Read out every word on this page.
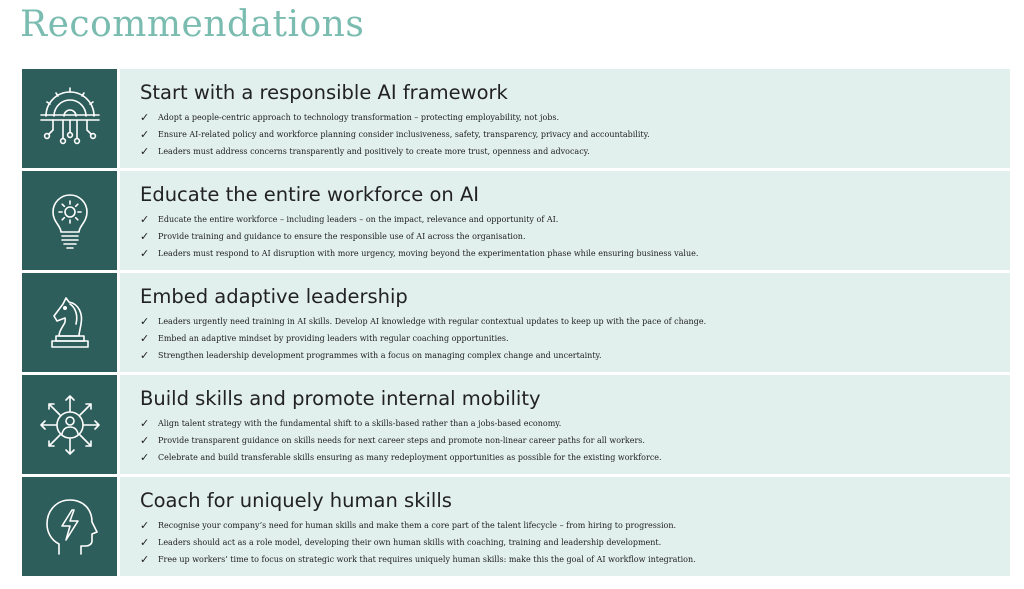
Recommendations
Start with a responsible AI framework
✓	Adopt a people-centric approach to technology transformation – protecting employability, not jobs.
✓	Ensure AI-related policy and workforce planning consider inclusiveness, safety, transparency, privacy and accountability.
✓	Leaders must address concerns transparently and positively to create more trust, openness and advocacy.
Educate the entire workforce on AI
✓	Educate the entire workforce – including leaders – on the impact, relevance and opportunity of AI.
✓	Provide training and guidance to ensure the responsible use of AI across the organisation.
✓	Leaders must respond to AI disruption with more urgency, moving beyond the experimentation phase while ensuring business value.
Embed adaptive leadership
✓	Leaders urgently need training in AI skills. Develop AI knowledge with regular contextual updates to keep up with the pace of change.
✓	Embed an adaptive mindset by providing leaders with regular coaching opportunities.
✓	Strengthen leadership development programmes with a focus on managing complex change and uncertainty.
Build skills and promote internal mobility
✓	Align talent strategy with the fundamental shift to a skills-based rather than a jobs-based economy.
✓	Provide transparent guidance on skills needs for next career steps and promote non-linear career paths for all workers.
✓	Celebrate and build transferable skills ensuring as many redeployment opportunities as possible for the existing workforce.
Coach for uniquely human skills
✓	Recognise your company’s need for human skills and make them a core part of the talent lifecycle – from hiring to progression.
✓	Leaders should act as a role model, developing their own human skills with coaching, training and leadership development.
✓	Free up workers’ time to focus on strategic work that requires uniquely human skills: make this the goal of AI workflow integration.
